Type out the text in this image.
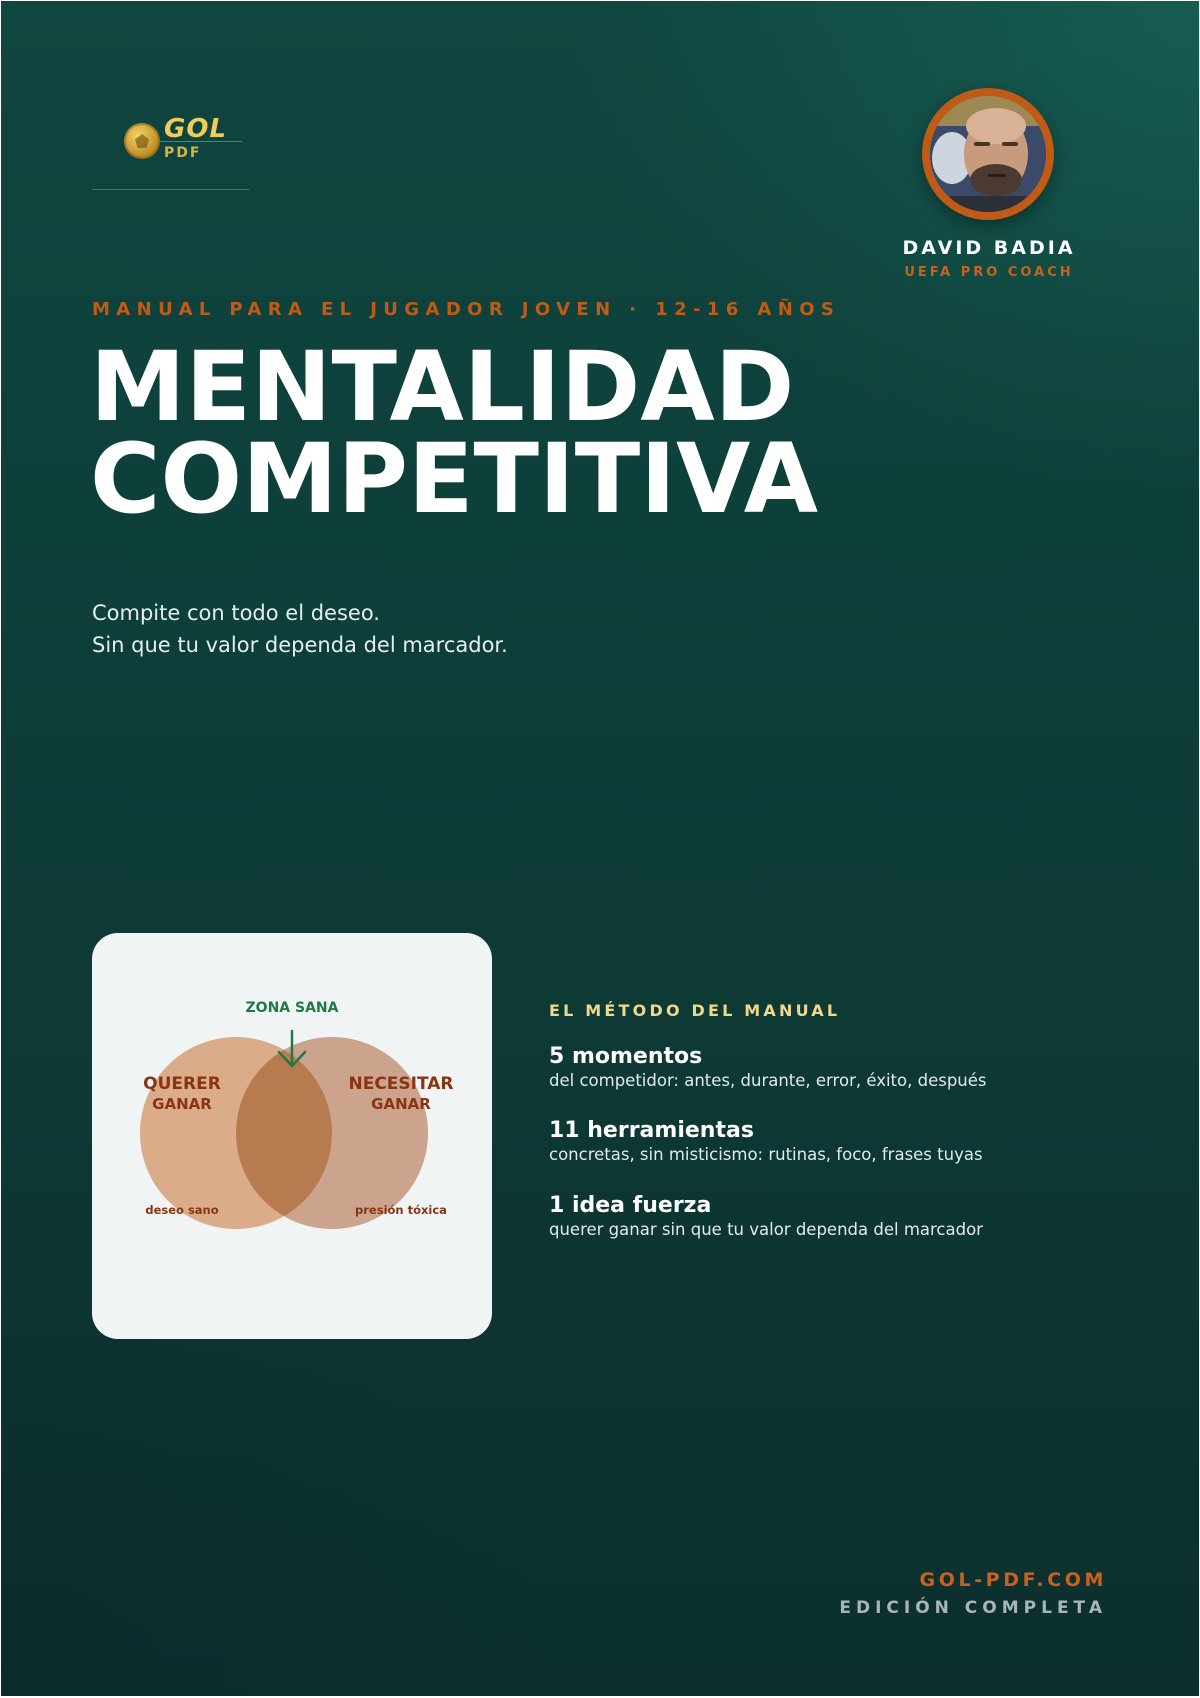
GOL
PDF
DAVID BADIA
UEFA PRO COACH
MANUAL PARA EL JUGADOR JOVEN · 12-16 AÑOS
MENTALIDAD
COMPETITIVA
Compite con todo el deseo.
Sin que tu valor dependa del marcador.
ZONA SANA
QUERER
GANAR
NECESITAR
GANAR
deseo sano	presión tóxica
EL MÉTODO DEL MANUAL
5 momentos
del competidor: antes, durante, error, éxito, después
11 herramientas
concretas, sin misticismo: rutinas, foco, frases tuyas
1 idea fuerza
querer ganar sin que tu valor dependa del marcador
GOL-PDF.COM
EDICIÓN COMPLETA
